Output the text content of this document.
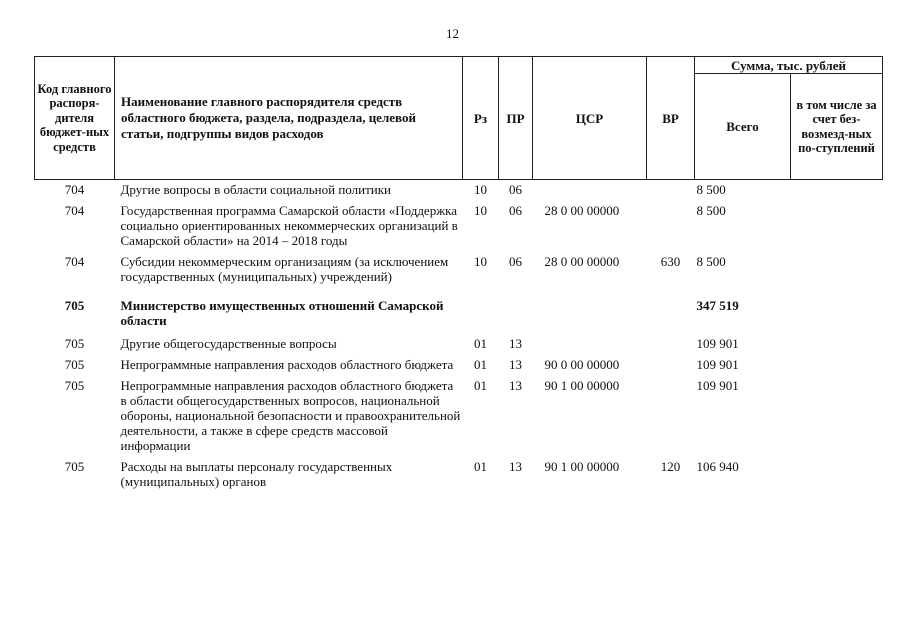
12
Код главного распоря-дителя бюджет-ных средств	Наименование главного распорядителя средств областного бюджета, раздела, подраздела, целевой статьи, подгруппы видов расходов	Рз	ПР	ЦСР	ВР	Сумма, тыс. рублей	
						Всего	в том числе за счет без-возмезд-ных по-ступлений
704	Другие вопросы в области социальной политики	10	06			8 500	
704	Государственная программа Самарской области «Поддержка социально ориентированных некоммерческих организаций в Самарской области» на 2014 – 2018 годы	10	06	28 0 00 00000		8 500	
704	Субсидии некоммерческим организациям (за исключением государственных (муниципальных) учреждений)	10	06	28 0 00 00000	630	8 500	
705	Министерство имущественных отношений Самарской области					347 519	
705	Другие общегосударственные вопросы	01	13			109 901	
705	Непрограммные направления расходов областного бюджета	01	13	90 0 00 00000		109 901	
705	Непрограммные направления расходов областного бюджета в области общегосударственных вопросов, национальной обороны, национальной безопасности и правоохранительной деятельности, а также в сфере средств массовой информации	01	13	90 1 00 00000		109 901	
705	Расходы на выплаты персоналу государственных (муниципальных) органов	01	13	90 1 00 00000	120	106 940	
